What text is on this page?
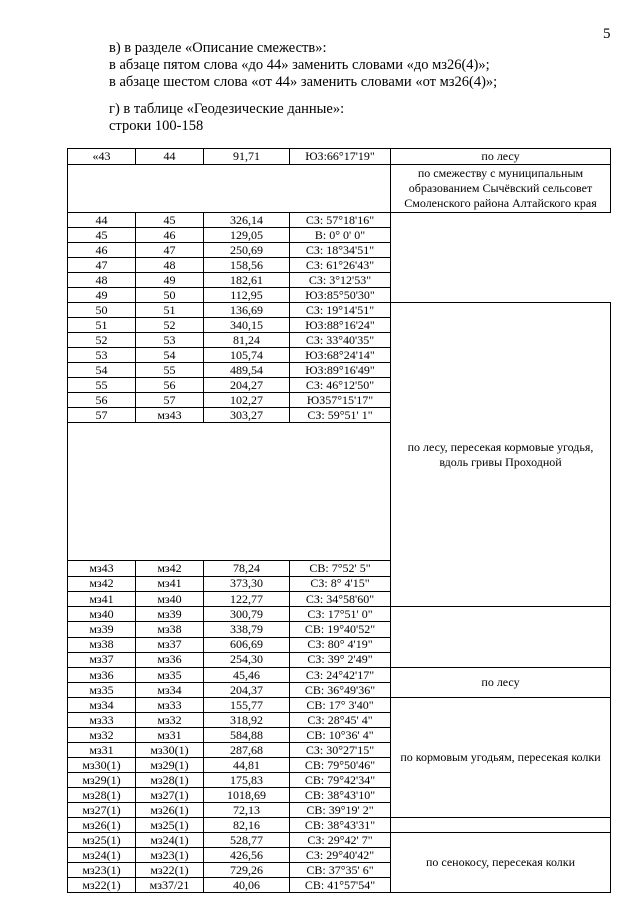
5

в) в разделе «Описание смежеств»:

в абзаце пятом слова «до 44» заменить словами «до мз26(4)»;

в абзаце шестом слова «от 44» заменить словами «от мз26(4)»;

г) в таблице «Геодезические данные»:

строки 100-158

«43	44	91,71	ЮЗ:66°17'19"	по лесу	
				по смежеству с муниципальным образованием Сычёвский сельсовет Смоленского района Алтайского края	
44	45	326,14	СЗ: 57°18'16"		
45	46	129,05	В: 0° 0' 0"		
46	47	250,69	СЗ: 18°34'51"		
47	48	158,56	СЗ: 61°26'43"		
48	49	182,61	СЗ: 3°12'53"		
49	50	112,95	ЮЗ:85°50'30"		
50	51	136,69	СЗ: 19°14'51"	по лесу, пересекая кормовые угодья, вдоль гривы Проходной	
51	52	340,15	ЮЗ:88°16'24"		
52	53	81,24	СЗ: 33°40'35"		
53	54	105,74	ЮЗ:68°24'14"		
54	55	489,54	ЮЗ:89°16'49"		
55	56	204,27	СЗ: 46°12'50"		
56	57	102,27	ЮЗ57°15'17"		
57	мз43	303,27	СЗ: 59°51' 1"		

мз43	мз42	78,24	СВ: 7°52' 5"	
мз42	мз41	373,30	СЗ: 8° 4'15"		
мз41	мз40	122,77	СЗ: 34°58'60"	
мз40	мз39	300,79	СЗ: 17°51' 0"		
мз39	мз38	338,79	СВ: 19°40'52"		
мз38	мз37	606,69	СЗ: 80° 4'19"		
мз37	мз36	254,30	СЗ: 39° 2'49"		
мз36	мз35	45,46	СЗ: 24°42'17"	по лесу	
мз35	мз34	204,37	СВ: 36°49'36"		
мз34	мз33	155,77	СВ: 17° 3'40"	по кормовым угодьям, пересекая колки	
мз33	мз32	318,92	СЗ: 28°45' 4"		
мз32	мз31	584,88	СВ: 10°36' 4"		
мз31	мз30(1)	287,68	СЗ: 30°27'15"		
мз30(1)	мз29(1)	44,81	СВ: 79°50'46"		
мз29(1)	мз28(1)	175,83	СВ: 79°42'34"		
мз28(1)	мз27(1)	1018,69	СВ: 38°43'10"		
мз27(1)	мз26(1)	72,13	СВ: 39°19' 2"		
мз26(1)	мз25(1)	82,16	СВ: 38°43'31"		
мз25(1)	мз24(1)	528,77	СЗ: 29°42' 7"	по сенокосу, пересекая колки	
мз24(1)	мз23(1)	426,56	СЗ: 29°40'42"		
мз23(1)	мз22(1)	729,26	СВ: 37°35' 6"		
мз22(1)	мз37/21	40,06	СВ: 41°57'54"		
